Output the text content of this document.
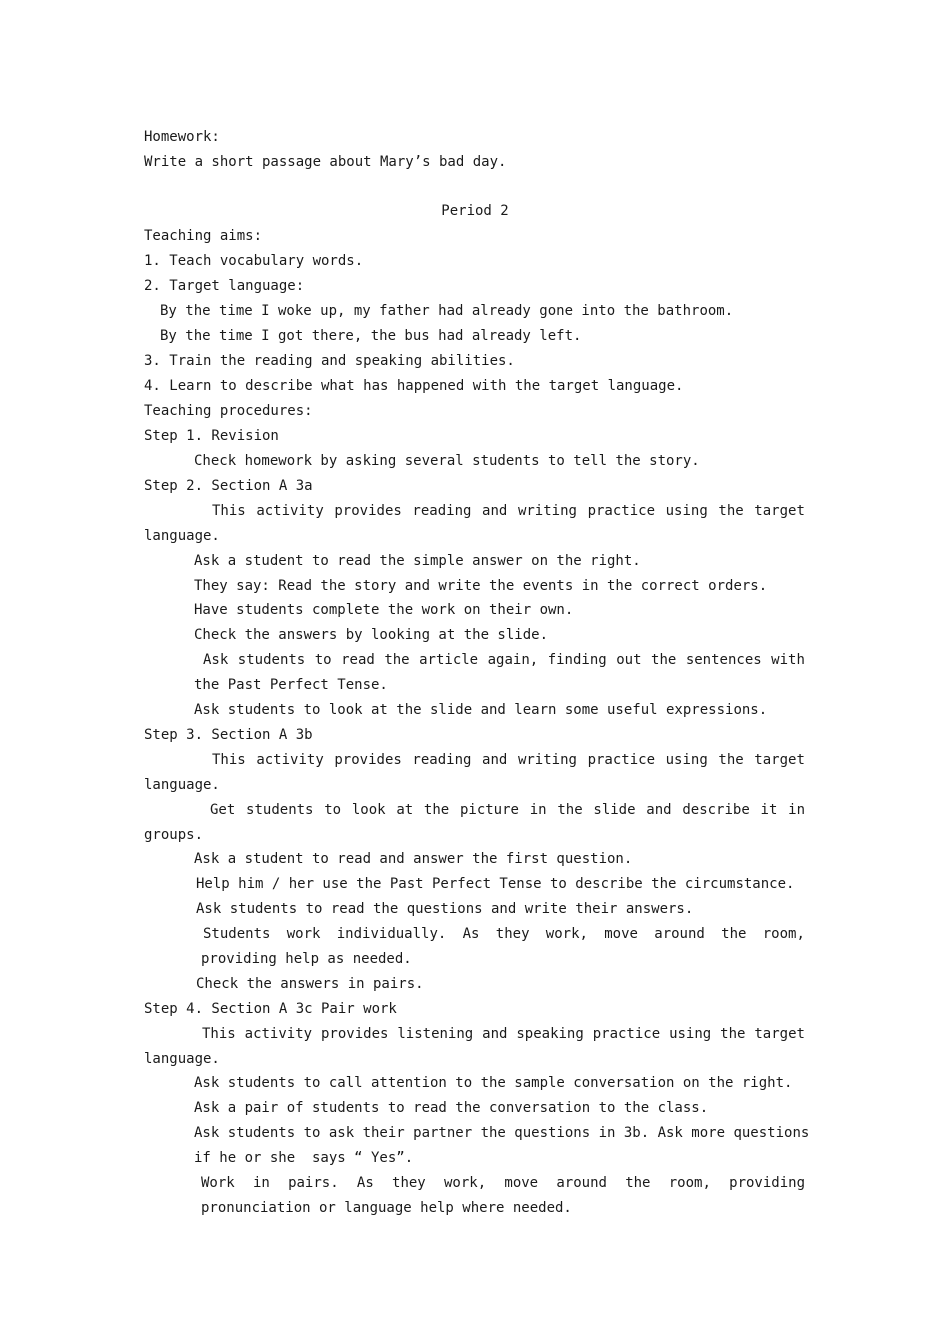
Homework:
Write a short passage about Mary’s bad day.
Period 2
Teaching aims:
1. Teach vocabulary words.
2. Target language:
By the time I woke up, my father had already gone into the bathroom.
By the time I got there, the bus had already left.
3. Train the reading and speaking abilities.
4. Learn to describe what has happened with the target language.
Teaching procedures:
Step 1. Revision
Check homework by asking several students to tell the story.
Step 2. Section A 3a
This activity provides reading and writing practice using the target
language.
Ask a student to read the simple answer on the right.
They say: Read the story and write the events in the correct orders.
Have students complete the work on their own.
Check the answers by looking at the slide.
Ask students to read the article again, finding out the sentences with
the Past Perfect Tense.
Ask students to look at the slide and learn some useful expressions.
Step 3. Section A 3b
This activity provides reading and writing practice using the target
language.
Get students to look at the picture in the slide and describe it in
groups.
Ask a student to read and answer the first question.
Help him / her use the Past Perfect Tense to describe the circumstance.
Ask students to read the questions and write their answers.
Students work individually. As they work, move around the room,
providing help as needed.
Check the answers in pairs.
Step 4. Section A 3c Pair work
This activity provides listening and speaking practice using the target
language.
Ask students to call attention to the sample conversation on the right.
Ask a pair of students to read the conversation to the class.
Ask students to ask their partner the questions in 3b. Ask more questions
if he or she  says “ Yes”.
Work in pairs. As they work, move around the room, providing
pronunciation or language help where needed.
